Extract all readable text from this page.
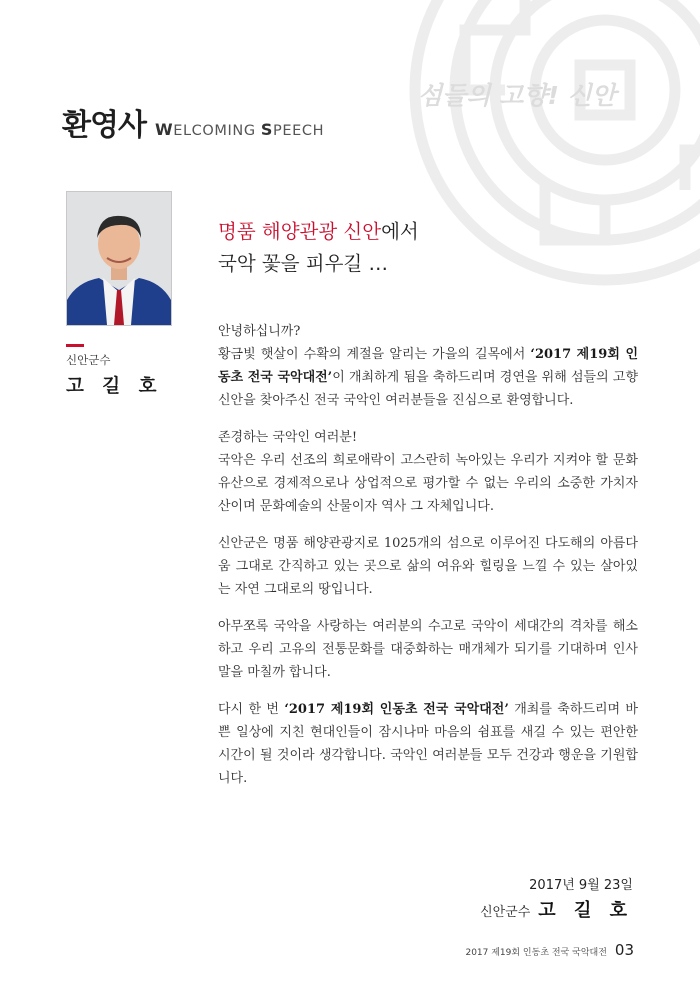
섬들의 고향! 신안
환영사 WELCOMING SPEECH
신안군수
고 길 호
명품 해양관광 신안에서
국악 꽃을 피우길 …

안녕하십니까?
황금빛 햇살이 수확의 계절을 알리는 가을의 길목에서 ‘2017 제19회 인동초 전국 국악대전’이 개최하게 됨을 축하드리며 경연을 위해 섬들의 고향 신안을 찾아주신 전국 국악인 여러분들을 진심으로 환영합니다.

존경하는 국악인 여러분!
국악은 우리 선조의 희로애락이 고스란히 녹아있는 우리가 지켜야 할 문화유산으로 경제적으로나 상업적으로 평가할 수 없는 우리의 소중한 가치자산이며 문화예술의 산물이자 역사 그 자체입니다.

신안군은 명품 해양관광지로 1025개의 섬으로 이루어진 다도해의 아름다움 그대로 간직하고 있는 곳으로 삶의 여유와 힐링을 느낄 수 있는 살아있는 자연 그대로의 땅입니다.

아무쪼록 국악을 사랑하는 여러분의 수고로 국악이 세대간의 격차를 해소하고 우리 고유의 전통문화를 대중화하는 매개체가 되기를 기대하며 인사말을 마칠까 합니다.

다시 한 번 ‘2017 제19회 인동초 전국 국악대전’ 개최를 축하드리며 바쁜 일상에 지친 현대인들이 잠시나마 마음의 쉼표를 새길 수 있는 편안한 시간이 될 것이라 생각합니다. 국악인 여러분들 모두 건강과 행운을 기원합니다.

2017년 9월 23일
신안군수 고 길 호
2017 제19회 인동초 전국 국악대전 03
